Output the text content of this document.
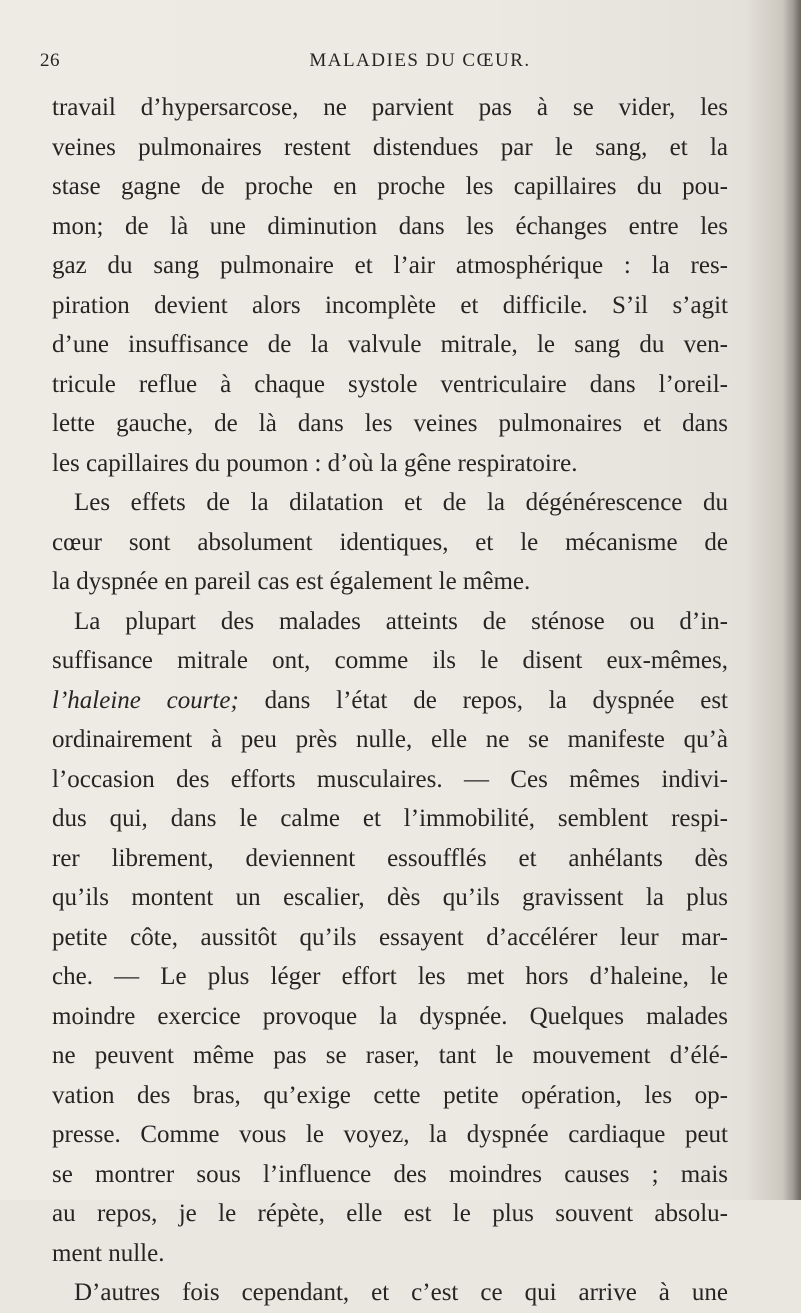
26	MALADIES DU CŒUR.
travail d’hypersarcose, ne parvient pas à se vider, les
veines pulmonaires restent distendues par le sang, et la
stase gagne de proche en proche les capillaires du pou-
mon; de là une diminution dans les échanges entre les
gaz du sang pulmonaire et l’air atmosphérique : la res-
piration devient alors incomplète et difficile. S’il s’agit
d’une insuffisance de la valvule mitrale, le sang du ven-
tricule reflue à chaque systole ventriculaire dans l’oreil-
lette gauche, de là dans les veines pulmonaires et dans
les capillaires du poumon : d’où la gêne respiratoire.
Les effets de la dilatation et de la dégénérescence du
cœur sont absolument identiques, et le mécanisme de
la dyspnée en pareil cas est également le même.
La plupart des malades atteints de sténose ou d’in-
suffisance mitrale ont, comme ils le disent eux-mêmes,
l’haleine courte; dans l’état de repos, la dyspnée est
ordinairement à peu près nulle, elle ne se manifeste qu’à
l’occasion des efforts musculaires. — Ces mêmes indivi-
dus qui, dans le calme et l’immobilité, semblent respi-
rer librement, deviennent essoufflés et anhélants dès
qu’ils montent un escalier, dès qu’ils gravissent la plus
petite côte, aussitôt qu’ils essayent d’accélérer leur mar-
che. — Le plus léger effort les met hors d’haleine, le
moindre exercice provoque la dyspnée. Quelques malades
ne peuvent même pas se raser, tant le mouvement d’élé-
vation des bras, qu’exige cette petite opération, les op-
presse. Comme vous le voyez, la dyspnée cardiaque peut
se montrer sous l’influence des moindres causes ; mais
au repos, je le répète, elle est le plus souvent absolu-
ment nulle.
D’autres fois cependant, et c’est ce qui arrive à une
